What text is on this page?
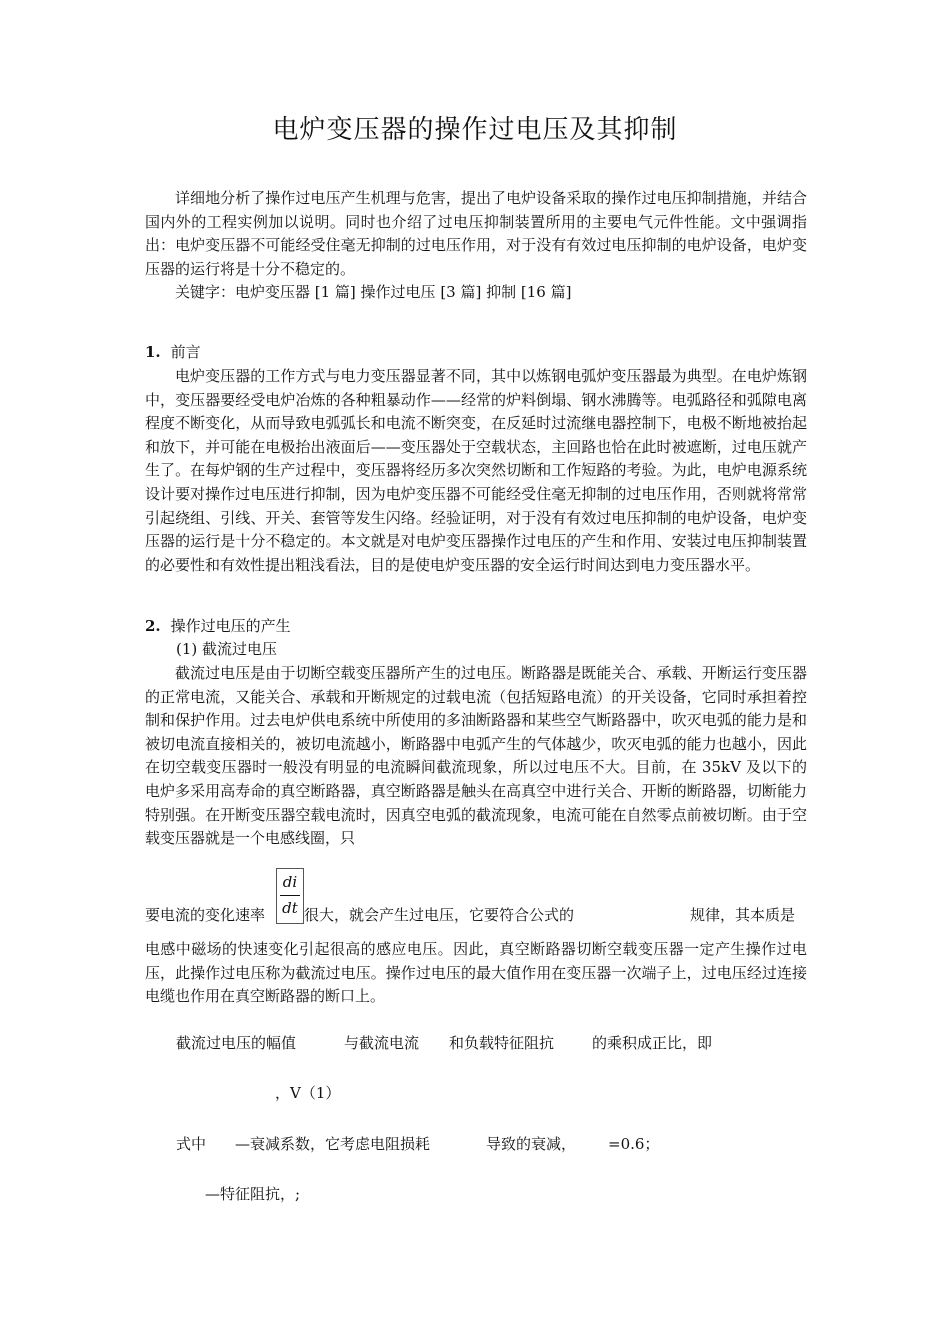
电炉变压器的操作过电压及其抑制

详细地分析了操作过电压产生机理与危害，提出了电炉设备采取的操作过电压抑制措施，并结合国内外的工程实例加以说明。同时也介绍了过电压抑制装置所用的主要电气元件性能。文中强调指出：电炉变压器不可能经受住毫无抑制的过电压作用，对于没有有效过电压抑制的电炉设备，电炉变压器的运行将是十分不稳定的。

关键字：电炉变压器 [1 篇] 操作过电压 [3 篇] 抑制 [16 篇]

1. 前言

电炉变压器的工作方式与电力变压器显著不同，其中以炼钢电弧炉变压器最为典型。在电炉炼钢中，变压器要经受电炉冶炼的各种粗暴动作——经常的炉料倒塌、钢水沸腾等。电弧路径和弧隙电离程度不断变化，从而导致电弧弧长和电流不断突变，在反延时过流继电器控制下，电极不断地被抬起和放下，并可能在电极抬出液面后——变压器处于空载状态，主回路也恰在此时被遮断，过电压就产生了。在每炉钢的生产过程中，变压器将经历多次突然切断和工作短路的考验。为此，电炉电源系统设计要对操作过电压进行抑制，因为电炉变压器不可能经受住毫无抑制的过电压作用，否则就将常常引起绕组、引线、开关、套管等发生闪络。经验证明，对于没有有效过电压抑制的电炉设备，电炉变压器的运行是十分不稳定的。本文就是对电炉变压器操作过电压的产生和作用、安装过电压抑制装置的必要性和有效性提出粗浅看法，目的是使电炉变压器的安全运行时间达到电力变压器水平。

2. 操作过电压的产生
(1) 截流过电压

截流过电压是由于切断空载变压器所产生的过电压。断路器是既能关合、承载、开断运行变压器的正常电流，又能关合、承载和开断规定的过载电流（包括短路电流）的开关设备，它同时承担着控制和保护作用。过去电炉供电系统中所使用的多油断路器和某些空气断路器中，吹灭电弧的能力是和被切电流直接相关的，被切电流越小，断路器中电弧产生的气体越少，吹灭电弧的能力也越小，因此在切空载变压器时一般没有明显的电流瞬间截流现象，所以过电压不大。目前，在 35kV 及以下的电炉多采用高寿命的真空断路器，真空断路器是触头在高真空中进行关合、开断的断路器，切断能力特别强。在开断变压器空载电流时，因真空电弧的截流现象，电流可能在自然零点前被切断。由于空载变压器就是一个电感线圈，只

di
dt
要电流的变化速率	很大，就会产生过电压，它要符合公式的	规律，其本质是

电感中磁场的快速变化引起很高的感应电压。因此，真空断路器切断空载变压器一定产生操作过电压，此操作过电压称为截流过电压。操作过电压的最大值作用在变压器一次端子上，过电压经过连接电缆也作用在真空断路器的断口上。

截流过电压的幅值	与截流电流 和负载特征阻抗	的乘积成正比，即
，V（1）
式中 —衰减系数，它考虑电阻损耗	导致的衰减， =0.6；
—特征阻抗，;
